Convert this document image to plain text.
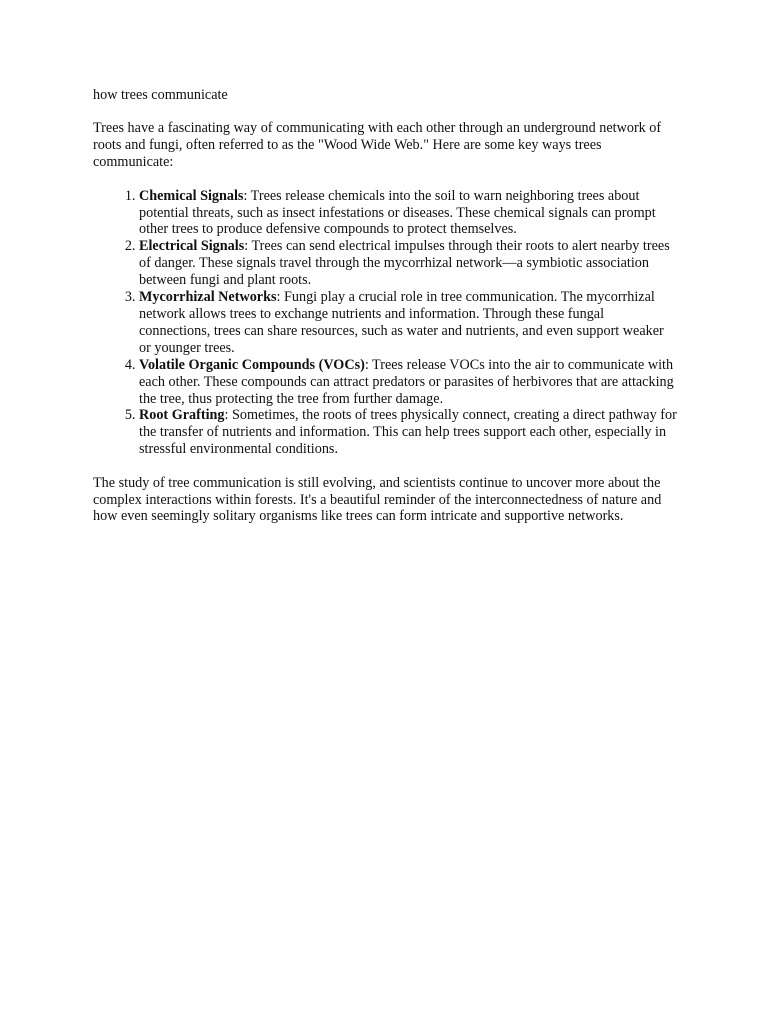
how trees communicate

Trees have a fascinating way of communicating with each other through an underground network of roots and fungi, often referred to as the "Wood Wide Web." Here are some key ways trees communicate:

1. Chemical Signals: Trees release chemicals into the soil to warn neighboring trees about potential threats, such as insect infestations or diseases. These chemical signals can prompt other trees to produce defensive compounds to protect themselves.
2. Electrical Signals: Trees can send electrical impulses through their roots to alert nearby trees of danger. These signals travel through the mycorrhizal network—a symbiotic association between fungi and plant roots.
3. Mycorrhizal Networks: Fungi play a crucial role in tree communication. The mycorrhizal network allows trees to exchange nutrients and information. Through these fungal connections, trees can share resources, such as water and nutrients, and even support weaker or younger trees.
4. Volatile Organic Compounds (VOCs): Trees release VOCs into the air to communicate with each other. These compounds can attract predators or parasites of herbivores that are attacking the tree, thus protecting the tree from further damage.
5. Root Grafting: Sometimes, the roots of trees physically connect, creating a direct pathway for the transfer of nutrients and information. This can help trees support each other, especially in stressful environmental conditions.

The study of tree communication is still evolving, and scientists continue to uncover more about the complex interactions within forests. It's a beautiful reminder of the interconnectedness of nature and how even seemingly solitary organisms like trees can form intricate and supportive networks.
